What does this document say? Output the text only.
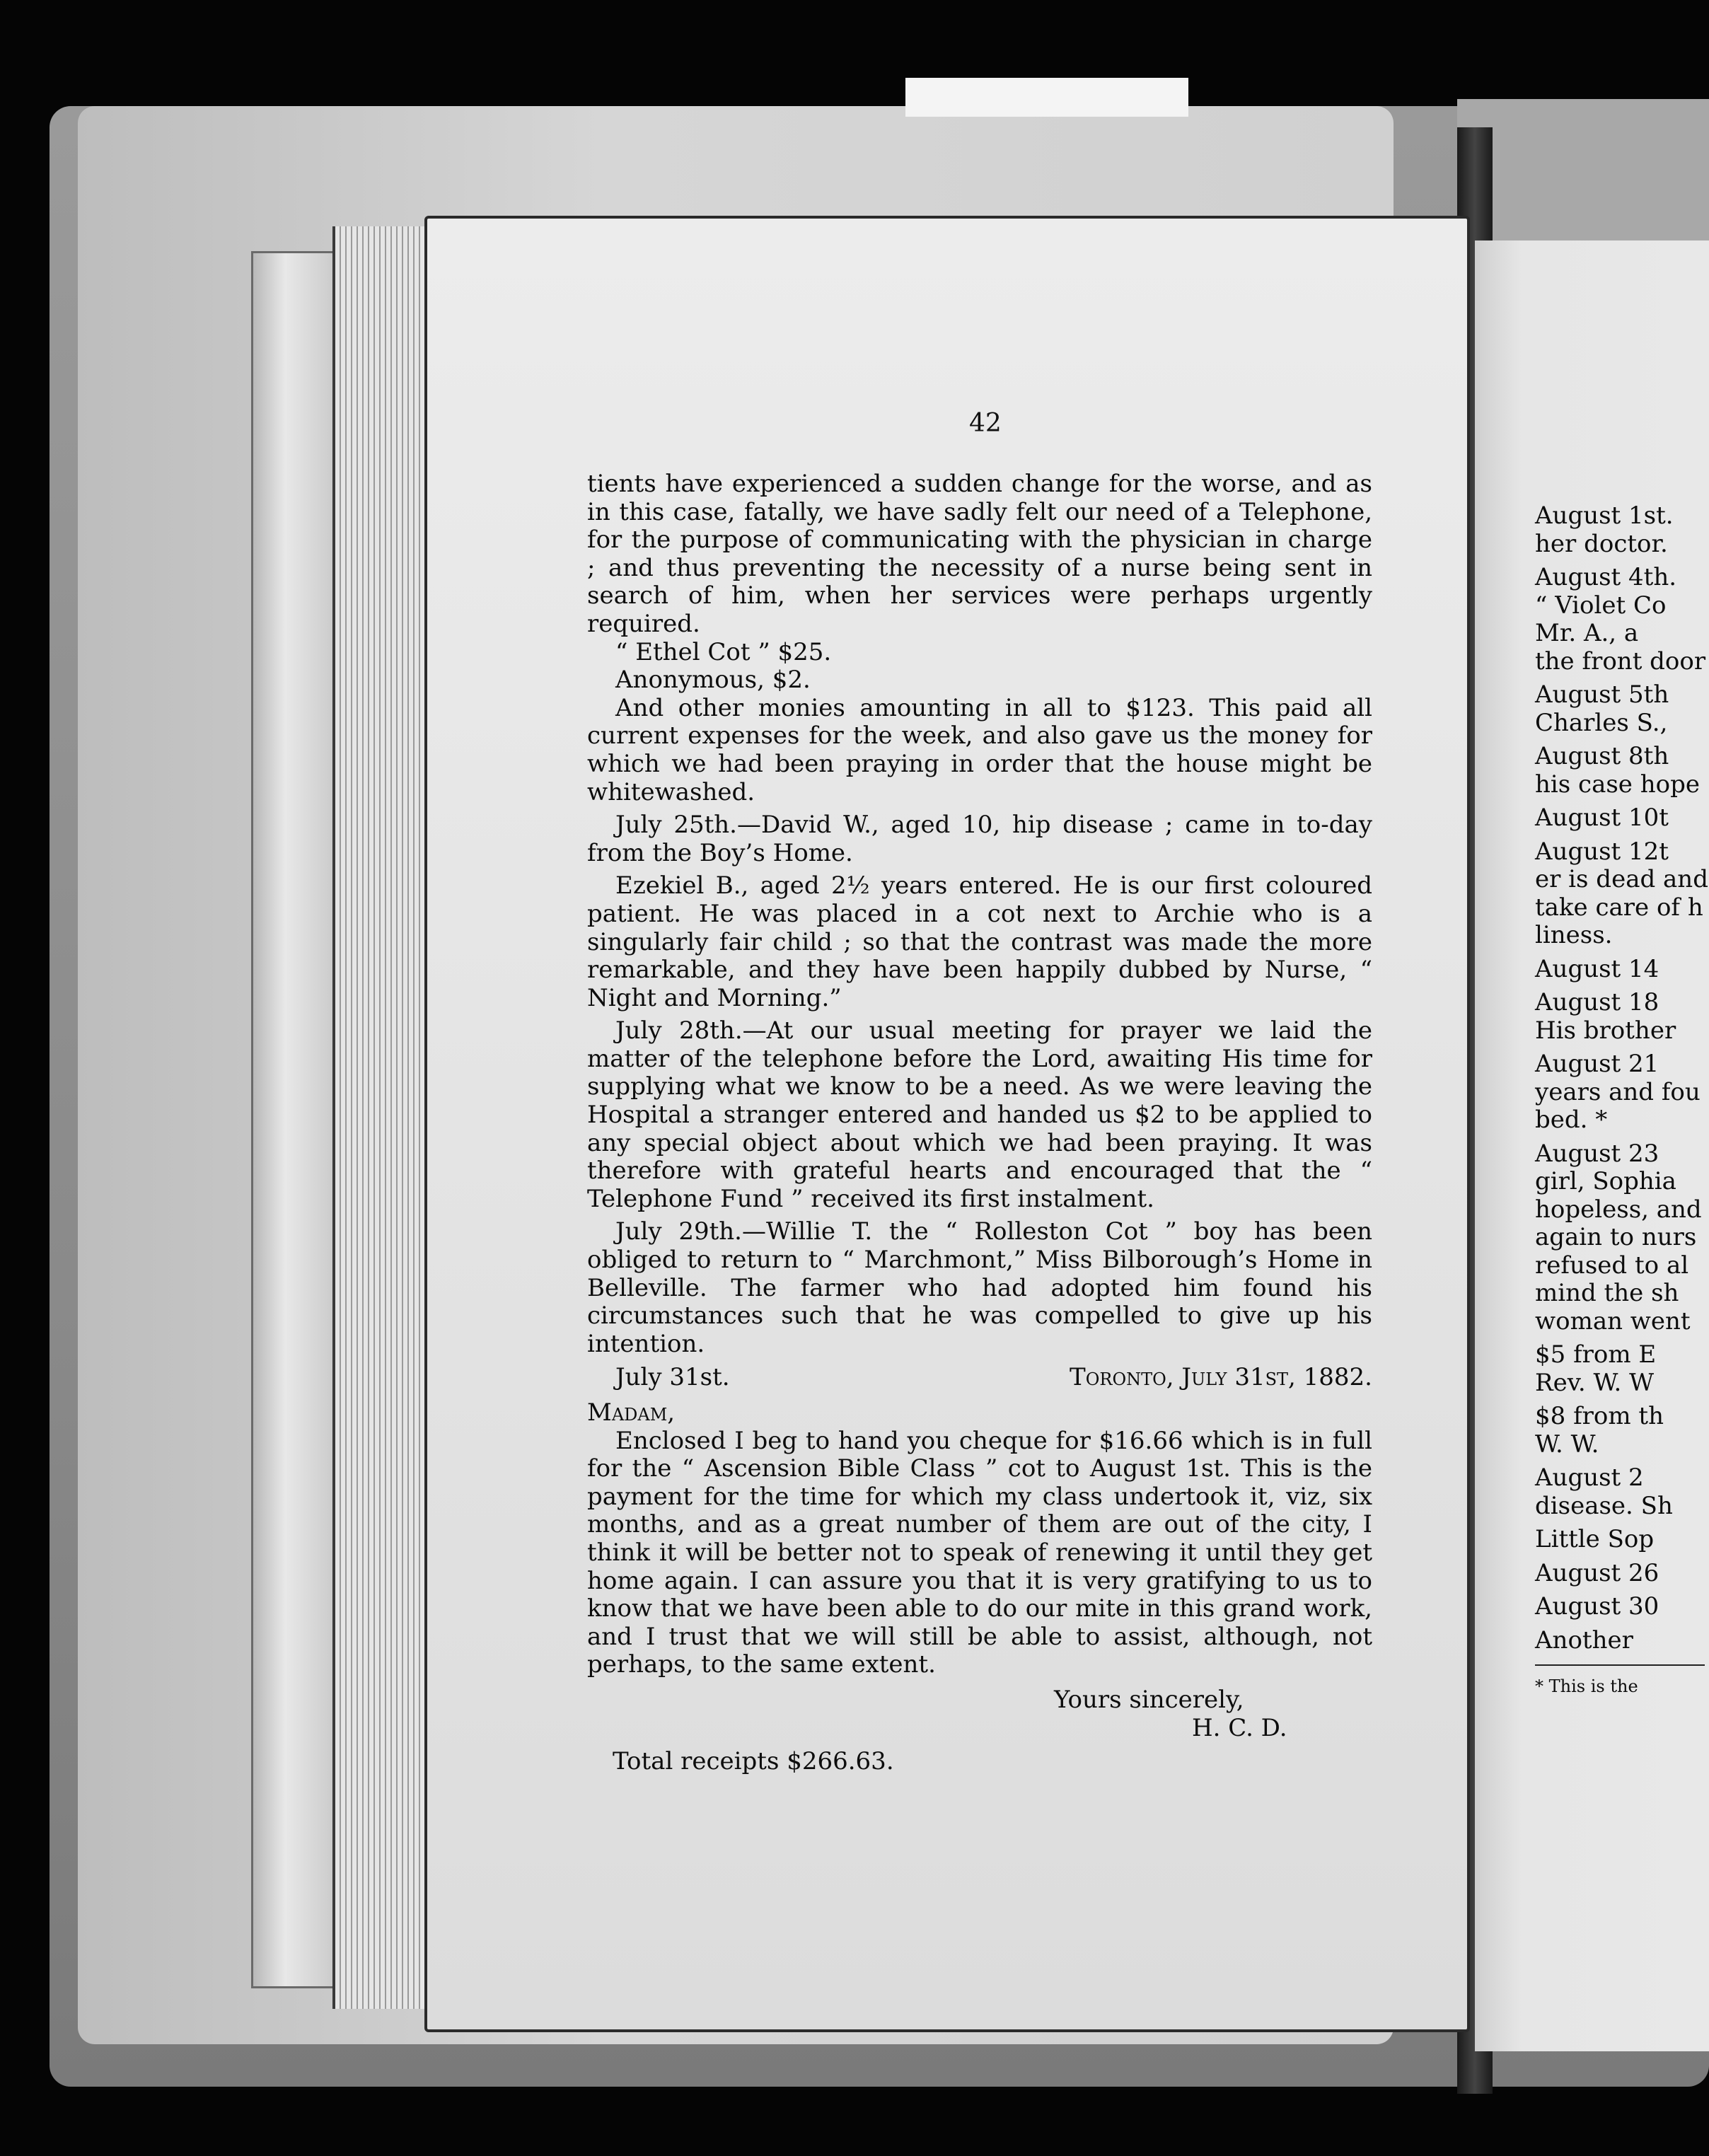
42

tients have experienced a sudden change for the worse, and as in this case, fatally, we have sadly felt our need of a Telephone, for the purpose of communicating with the physician in charge ; and thus preventing the necessity of a nurse being sent in search of him, when her services were perhaps urgently required.

“ Ethel Cot ” $25.

Anonymous, $2.

And other monies amounting in all to $123. This paid all current expenses for the week, and also gave us the money for which we had been praying in order that the house might be whitewashed.

July 25th.—David W., aged 10, hip disease ; came in to-day from the Boy’s Home.

Ezekiel B., aged 2½ years entered. He is our first coloured patient. He was placed in a cot next to Archie who is a singularly fair child ; so that the contrast was made the more remarkable, and they have been happily dubbed by Nurse, “ Night and Morning.”

July 28th.—At our usual meeting for prayer we laid the matter of the telephone before the Lord, awaiting His time for supplying what we know to be a need. As we were leaving the Hospital a stranger entered and handed us $2 to be applied to any special object about which we had been praying. It was therefore with grateful hearts and encouraged that the “ Telephone Fund ” received its first instalment.

July 29th.—Willie T. the “ Rolleston Cot ” boy has been obliged to return to “ Marchmont,” Miss Bilborough’s Home in Belleville. The farmer who had adopted him found his circumstances such that he was compelled to give up his intention.

July 31st.	Toronto, July 31st, 1882.

Madam,

Enclosed I beg to hand you cheque for $16.66 which is in full for the “ Ascension Bible Class ” cot to August 1st. This is the payment for the time for which my class undertook it, viz, six months, and as a great number of them are out of the city, I think it will be better not to speak of renewing it until they get home again. I can assure you that it is very gratifying to us to know that we have been able to do our mite in this grand work, and I trust that we will still be able to assist, although, not perhaps, to the same extent.

Yours sincerely,

H. C. D.

Total receipts $266.63.

August 1st.
her doctor.
August 4th.
“ Violet Co
Mr. A., a
the front door
August 5th
Charles S.,
August 8th
his case hope
August 10t
August 12t
er is dead and
take care of h
liness.
August 14
August 18
His brother
August 21
years and fou
bed. *
August 23
girl, Sophia
hopeless, and
again to nurs
refused to al
mind the sh
woman went
$5 from E
Rev. W. W
$8 from th
W. W.
August 2
disease. Sh
Little Sop
August 26
August 30
Another
* This is the
